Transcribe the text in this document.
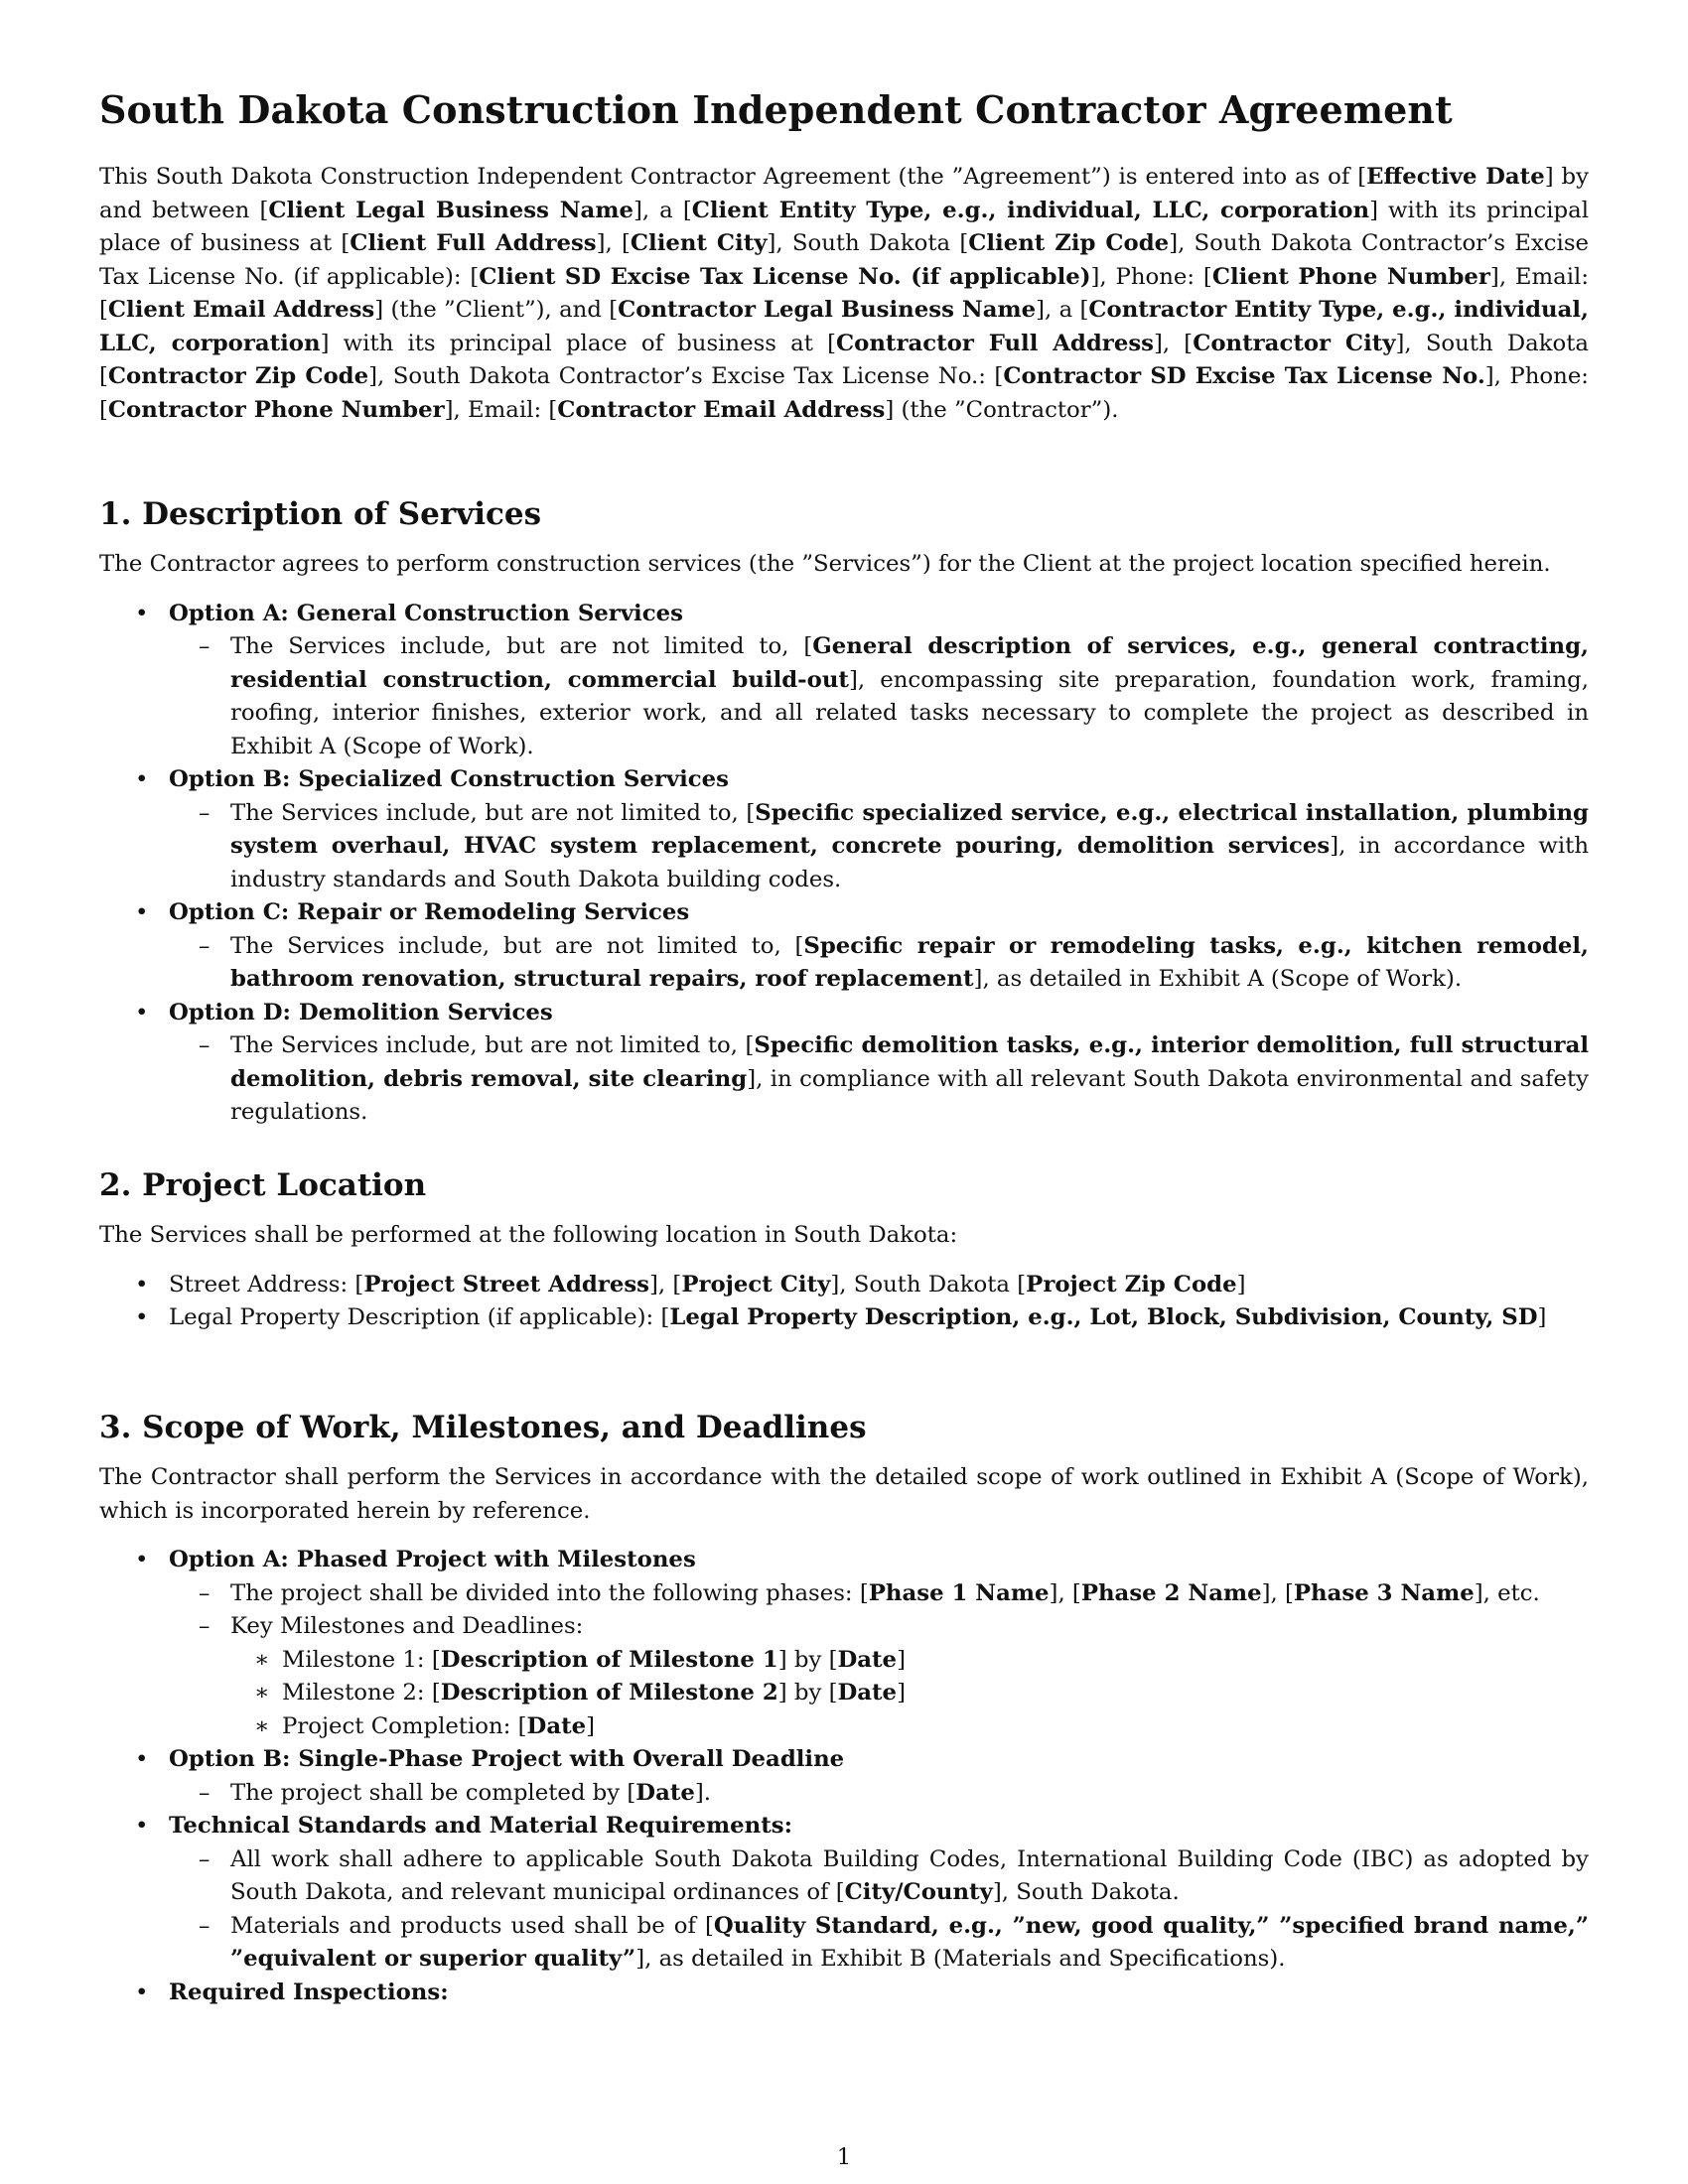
South Dakota Construction Independent Contractor Agreement

This South Dakota Construction Independent Contractor Agreement (the ”Agreement”) is entered into as of [Effective Date] by and between [Client Legal Business Name], a [Client Entity Type, e.g., individual, LLC, corporation] with its principal place of business at [Client Full Address], [Client City], South Dakota [Client Zip Code], South Dakota Contractor’s Excise Tax License No. (if applicable): [Client SD Excise Tax License No. (if applicable)], Phone: [Client Phone Number], Email: [Client Email Address] (the ”Client”), and [Contractor Legal Business Name], a [Contractor Entity Type, e.g., individual, LLC, corporation] with its principal place of business at [Contractor Full Address], [Contractor City], South Dakota [Contractor Zip Code], South Dakota Contractor’s Excise Tax License No.: [Contractor SD Excise Tax License No.], Phone: [Contractor Phone Number], Email: [Contractor Email Address] (the ”Contractor”).

1. Description of Services

The Contractor agrees to perform construction services (the ”Services”) for the Client at the project location specified herein.

• Option A: General Construction Services
– The Services include, but are not limited to, [General description of services, e.g., general contracting, residential construction, commercial build-out], encompassing site preparation, foundation work, framing, roofing, interior finishes, exterior work, and all related tasks necessary to complete the project as described in Exhibit A (Scope of Work).
• Option B: Specialized Construction Services
– The Services include, but are not limited to, [Specific specialized service, e.g., electrical installation, plumbing system overhaul, HVAC system replacement, concrete pouring, demolition services], in accordance with industry standards and South Dakota building codes.
• Option C: Repair or Remodeling Services
– The Services include, but are not limited to, [Specific repair or remodeling tasks, e.g., kitchen remodel, bathroom renovation, structural repairs, roof replacement], as detailed in Exhibit A (Scope of Work).
• Option D: Demolition Services
– The Services include, but are not limited to, [Specific demolition tasks, e.g., interior demolition, full structural demolition, debris removal, site clearing], in compliance with all relevant South Dakota environmental and safety regulations.
2. Project Location

The Services shall be performed at the following location in South Dakota:

• Street Address: [Project Street Address], [Project City], South Dakota [Project Zip Code]
• Legal Property Description (if applicable): [Legal Property Description, e.g., Lot, Block, Subdivision, County, SD]
3. Scope of Work, Milestones, and Deadlines

The Contractor shall perform the Services in accordance with the detailed scope of work outlined in Exhibit A (Scope of Work), which is incorporated herein by reference.

• Option A: Phased Project with Milestones
– The project shall be divided into the following phases: [Phase 1 Name], [Phase 2 Name], [Phase 3 Name], etc.
– Key Milestones and Deadlines:
∗ Milestone 1: [Description of Milestone 1] by [Date]
∗ Milestone 2: [Description of Milestone 2] by [Date]
∗ Project Completion: [Date]
• Option B: Single-Phase Project with Overall Deadline
– The project shall be completed by [Date].
• Technical Standards and Material Requirements:
– All work shall adhere to applicable South Dakota Building Codes, International Building Code (IBC) as adopted by South Dakota, and relevant municipal ordinances of [City/County], South Dakota.
– Materials and products used shall be of [Quality Standard, e.g., ”new, good quality,” ”specified brand name,” ”equivalent or superior quality”], as detailed in Exhibit B (Materials and Specifications).
• Required Inspections:
1
